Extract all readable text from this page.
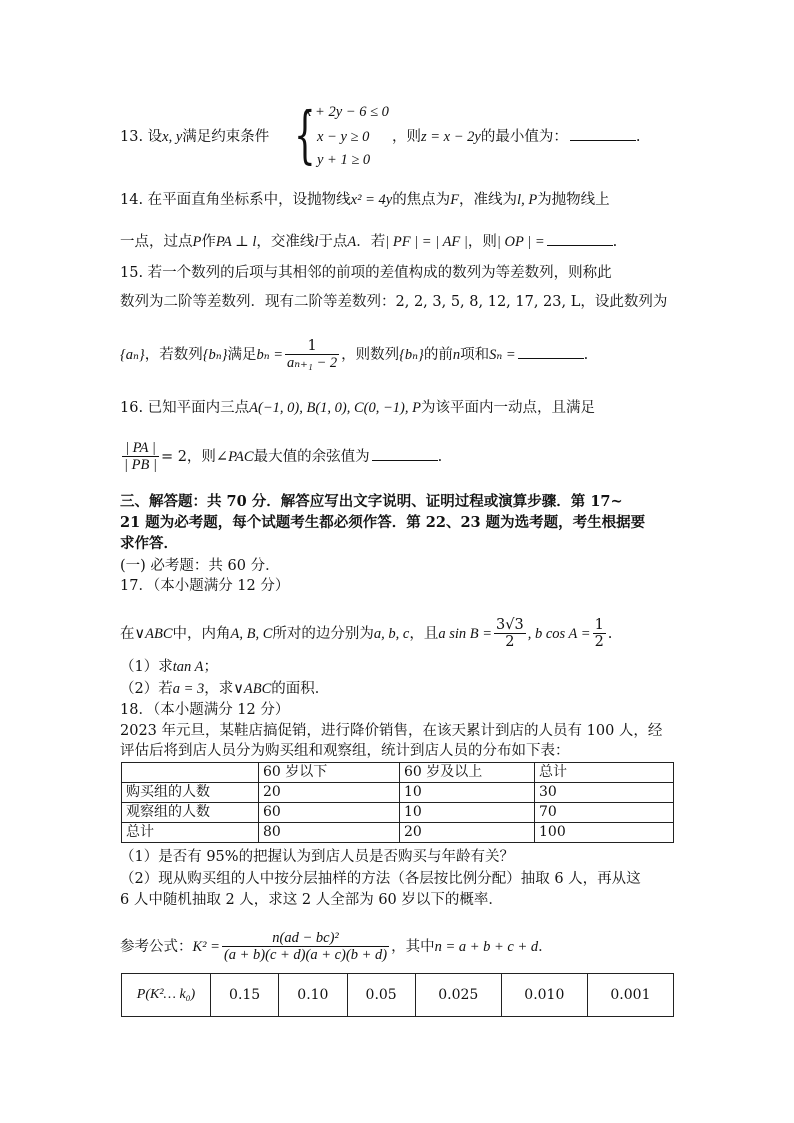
13. 设x, y满足约束条件 {
x + 2y − 6 ≤ 0
x − y ≥ 0
y + 1 ≥ 0
，则z = x − 2y的最小值为：	.
14. 在平面直角坐标系中，设抛物线x² = 4y的焦点为F，准线为l, P为抛物线上
一点，过点P作PA ⊥ l，交准线l于点A．若| PF | = | AF |，则| OP | =	.
15. 若一个数列的后项与其相邻的前项的差值构成的数列为等差数列，则称此
数列为二阶等差数列．现有二阶等差数列：2, 2, 3, 5, 8, 12, 17, 23, L，设此数列为
{aₙ}，若数列{bₙ}满足$b_n = \frac{1}{\text{aₙ₊₁ − 2}}$ ，则数列{bₙ}的前n项和Sₙ =	.
16. 已知平面内三点A(−1, 0), B(1, 0), C(0, −1), P为该平面内一动点，且满足
$\frac{| PA |}{| PB |} = 2$，则∠PAC最大值的余弦值为	.
三、解答题：共 70 分．解答应写出文字说明、证明过程或演算步骤．第 17~
21 题为必考题，每个试题考生都必须作答．第 22、23 题为选考题，考生根据要
求作答．
(一) 必考题：共 60 分．
17．（本小题满分 12 分）
在∨ABC中，内角A, B, C所对的边分别为a, b, c，且a $\sin B = \frac{3√3}{2}$ , b $\cos A = \frac{1}{2}$ .
（1）求tan A；
（2）若a = 3，求∨ABC的面积．
18．（本小题满分 12 分）
2023 年元旦，某鞋店搞促销，进行降价销售，在该天累计到店的人员有 100 人，经
评估后将到店人员分为购买组和观察组，统计到店人员的分布如下表：
	60 岁以下	60 岁及以上	总计
购买组的人数	20	10	30
观察组的人数	60	10	70
总计	80	20	100
（1）是否有 95%的把握认为到店人员是否购买与年龄有关？
（2）现从购买组的人中按分层抽样的方法（各层按比例分配）抽取 6 人，再从这
6 人中随机抽取 2 人，求这 2 人全部为 60 岁以下的概率．
参考公式：$K^2 = \frac{\text{n(ad − bc)²}}{(a + b)(c + d)(a + c)(b + d)}$ ，其中n = a + b + c + d．
P(K²… k₀)	0.15	0.10	0.05	0.025	0.010	0.001
